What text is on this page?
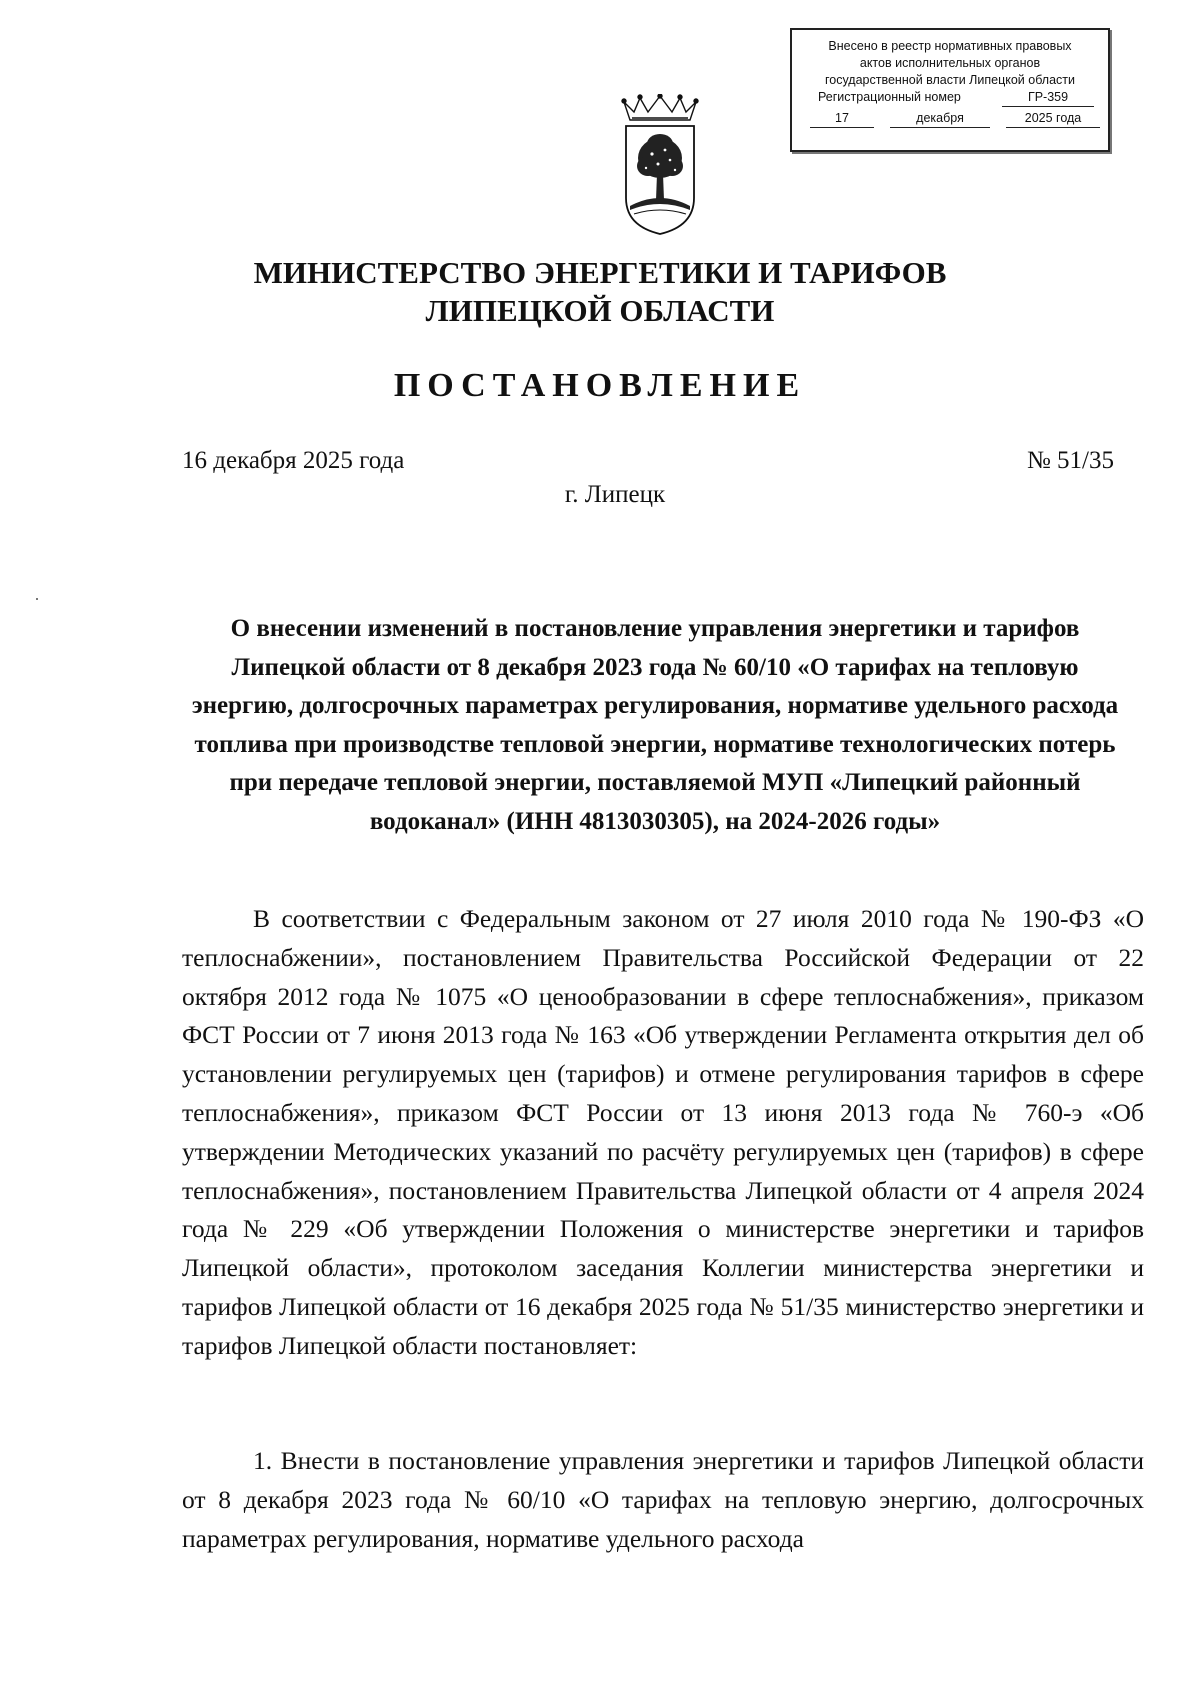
Внесено в реестр нормативных правовых
актов исполнительных органов
государственной власти Липецкой области
Регистрационный номер	ГР-359
17	декабря	2025 года
МИНИСТЕРСТВО ЭНЕРГЕТИКИ И ТАРИФОВ
ЛИПЕЦКОЙ ОБЛАСТИ
ПОСТАНОВЛЕНИЕ
16 декабря 2025 года	№ 51/35
г. Липецк

О внесении изменений в постановление управления энергетики и тарифов Липецкой области от 8 декабря 2023 года № 60/10 «О тарифах на тепловую энергию, долгосрочных параметрах регулирования, нормативе удельного расхода топлива при производстве тепловой энергии, нормативе технологических потерь при передаче тепловой энергии, поставляемой МУП «Липецкий районный водоканал» (ИНН 4813030305), на 2024-2026 годы»

В соответствии с Федеральным законом от 27 июля 2010 года № 190-ФЗ «О теплоснабжении», постановлением Правительства Российской Федерации от 22 октября 2012 года № 1075 «О ценообразовании в сфере теплоснабжения», приказом ФСТ России от 7 июня 2013 года № 163 «Об утверждении Регламента открытия дел об установлении регулируемых цен (тарифов) и отмене регулирования тарифов в сфере теплоснабжения», приказом ФСТ России от 13 июня 2013 года № 760-э «Об утверждении Методических указаний по расчёту регулируемых цен (тарифов) в сфере теплоснабжения», постановлением Правительства Липецкой области от 4 апреля 2024 года № 229 «Об утверждении Положения о министерстве энергетики и тарифов Липецкой области», протоколом заседания Коллегии министерства энергетики и тарифов Липецкой области от 16 декабря 2025 года № 51/35 министерство энергетики и тарифов Липецкой области постановляет:

1. Внести в постановление управления энергетики и тарифов Липецкой области от 8 декабря 2023 года № 60/10 «О тарифах на тепловую энергию, долгосрочных параметрах регулирования, нормативе удельного расхода
